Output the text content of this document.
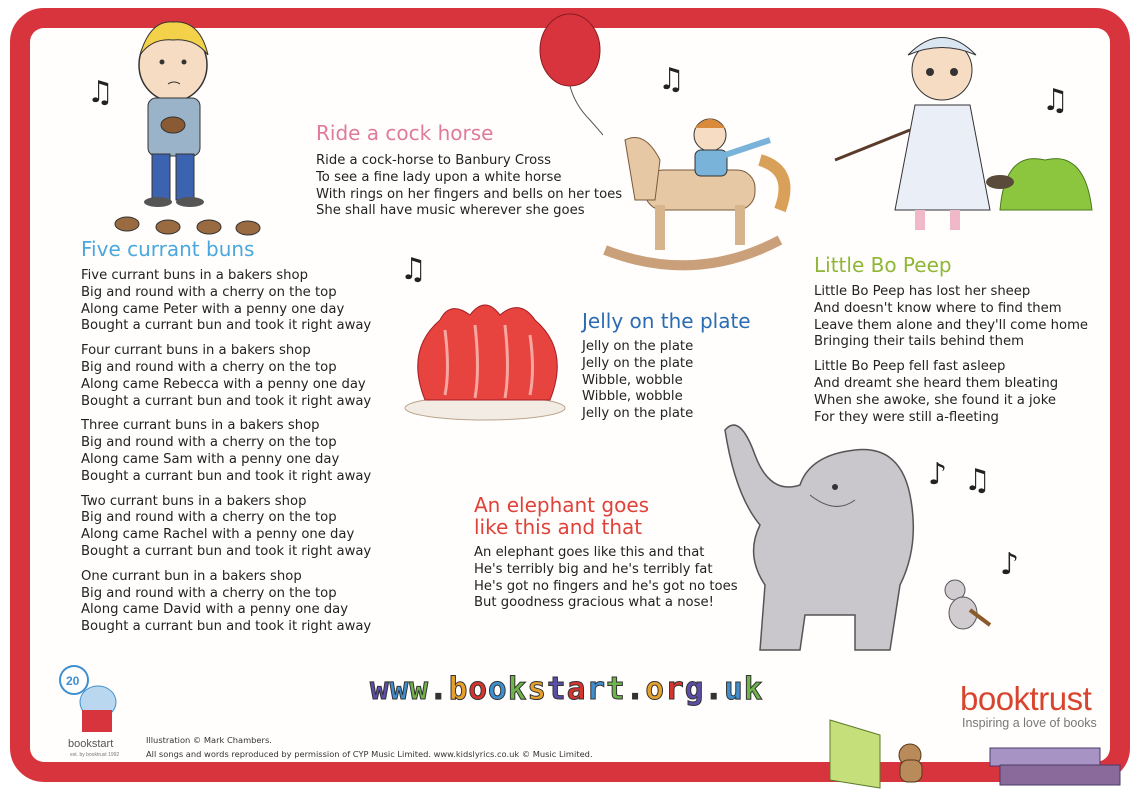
20
♫	♫
♫
♫
♪ ♫
♪
Ride a cock horse
Ride a cock-horse to Banbury Cross
To see a fine lady upon a white horse
With rings on her fingers and bells on her toes
She shall have music wherever she goes
Five currant buns
Five currant buns in a bakers shop
Big and round with a cherry on the top
Along came Peter with a penny one day
Bought a currant bun and took it right away
Four currant buns in a bakers shop
Big and round with a cherry on the top
Along came Rebecca with a penny one day
Bought a currant bun and took it right away
Three currant buns in a bakers shop
Big and round with a cherry on the top
Along came Sam with a penny one day
Bought a currant bun and took it right away
Two currant buns in a bakers shop
Big and round with a cherry on the top
Along came Rachel with a penny one day
Bought a currant bun and took it right away
One currant bun in a bakers shop
Big and round with a cherry on the top
Along came David with a penny one day
Bought a currant bun and took it right away
Jelly on the plate
Jelly on the plate
Jelly on the plate
Wibble, wobble
Wibble, wobble
Jelly on the plate
Little Bo Peep
Little Bo Peep has lost her sheep
And doesn't know where to find them
Leave them alone and they'll come home
Bringing their tails behind them
Little Bo Peep fell fast asleep
And dreamt she heard them bleating
When she awoke, she found it a joke
For they were still a-fleeting
An elephant goes
like this and that
An elephant goes like this and that
He's terribly big and he's terribly fat
He's got no fingers and he's got no toes
But goodness gracious what a nose!
www.bookstart.org.uk
bookstart
est. by booktrust 1992
Illustration © Mark Chambers.
All songs and words reproduced by permission of CYP Music Limited. www.kidslyrics.co.uk © Music Limited.
booktrust
Inspiring a love of books
